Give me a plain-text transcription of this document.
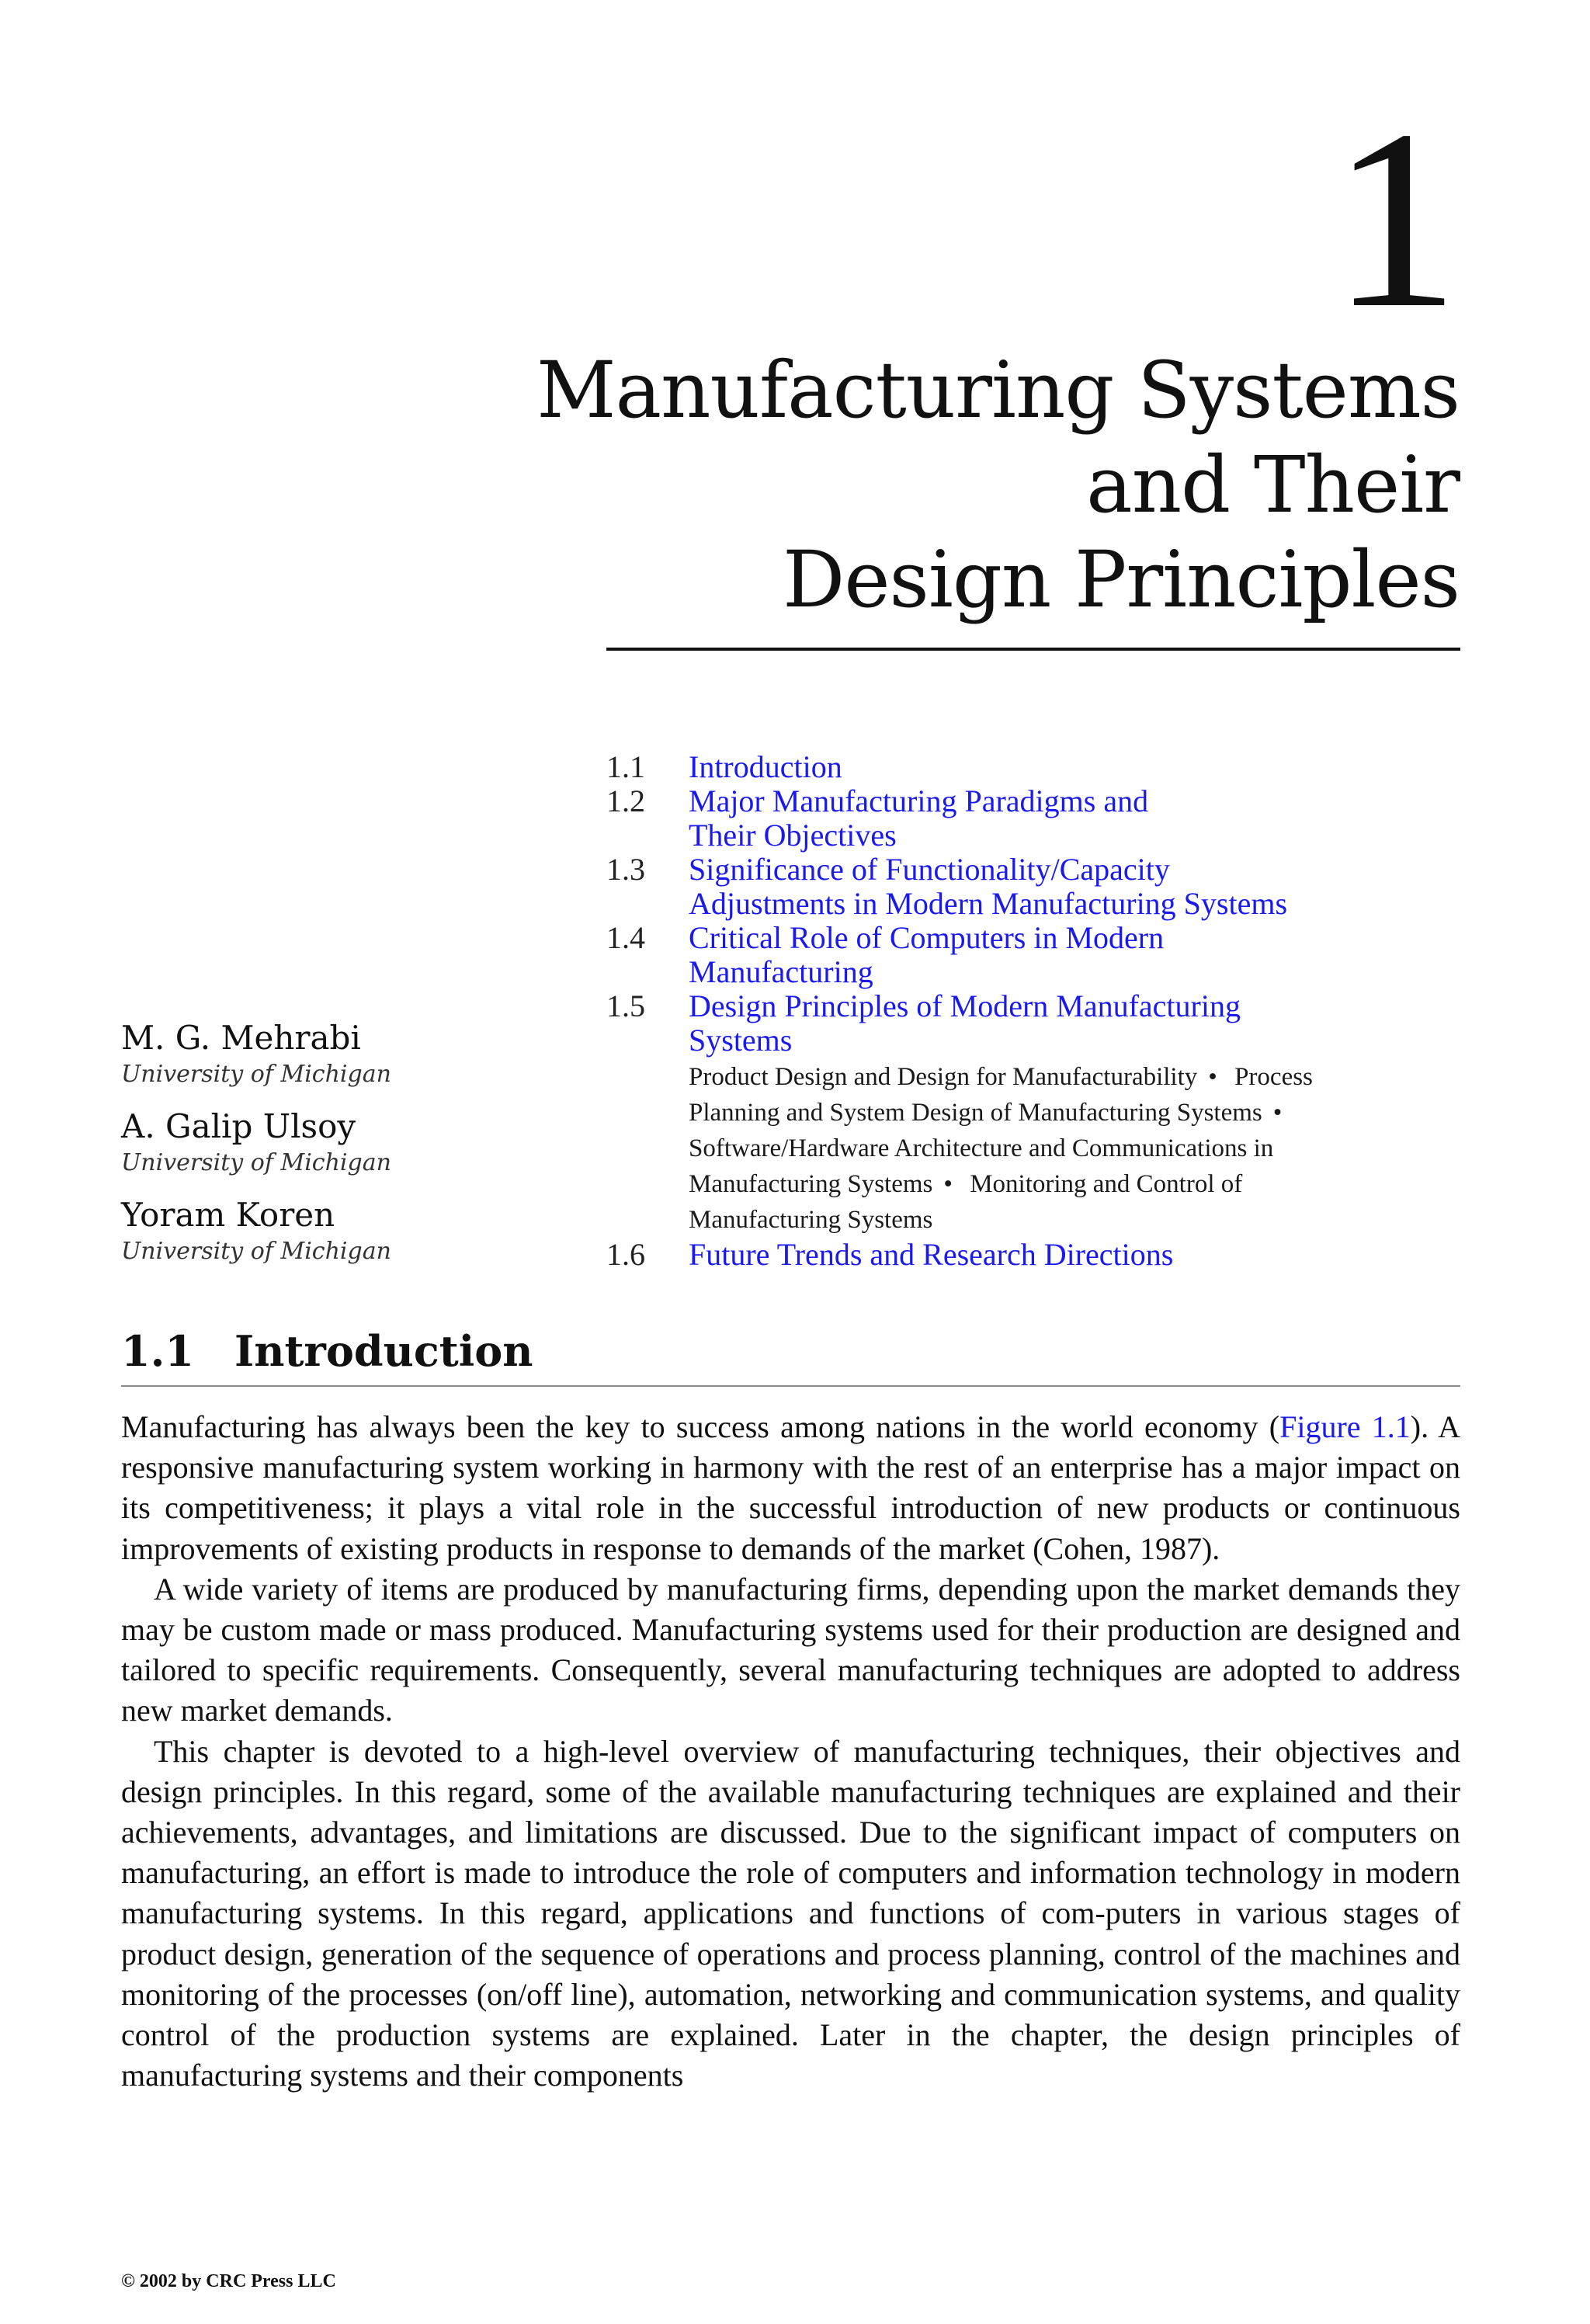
1
Manufacturing Systems
and Their
Design Principles
1.1 Introduction
1.2 Major Manufacturing Paradigms and
Their Objectives
1.3 Significance of Functionality/Capacity
Adjustments in Modern Manufacturing Systems
1.4 Critical Role of Computers in Modern
Manufacturing
1.5 Design Principles of Modern Manufacturing
Systems
Product Design and Design for Manufacturability • Process Planning and System Design of Manufacturing Systems • Software/Hardware Architecture and Communications in Manufacturing Systems • Monitoring and Control of Manufacturing Systems
1.6 Future Trends and Research Directions
M. G. Mehrabi
University of Michigan
A. Galip Ulsoy
University of Michigan
Yoram Koren
University of Michigan
1.1 Introduction

Manufacturing has always been the key to success among nations in the world economy (Figure 1.1). A responsive manufacturing system working in harmony with the rest of an enterprise has a major impact on its competitiveness; it plays a vital role in the successful introduction of new products or continuous improvements of existing products in response to demands of the market (Cohen, 1987).

A wide variety of items are produced by manufacturing firms, depending upon the market demands they may be custom made or mass produced. Manufacturing systems used for their production are designed and tailored to specific requirements. Consequently, several manufacturing techniques are adopted to address new market demands.

This chapter is devoted to a high-level overview of manufacturing techniques, their objectives and design principles. In this regard, some of the available manufacturing techniques are explained and their achievements, advantages, and limitations are discussed. Due to the significant impact of computers on manufacturing, an effort is made to introduce the role of computers and information technology in modern manufacturing systems. In this regard, applications and functions of com-puters in various stages of product design, generation of the sequence of operations and process planning, control of the machines and monitoring of the processes (on/off line), automation, networking and communication systems, and quality control of the production systems are explained. Later in the chapter, the design principles of manufacturing systems and their components

© 2002 by CRC Press LLC
